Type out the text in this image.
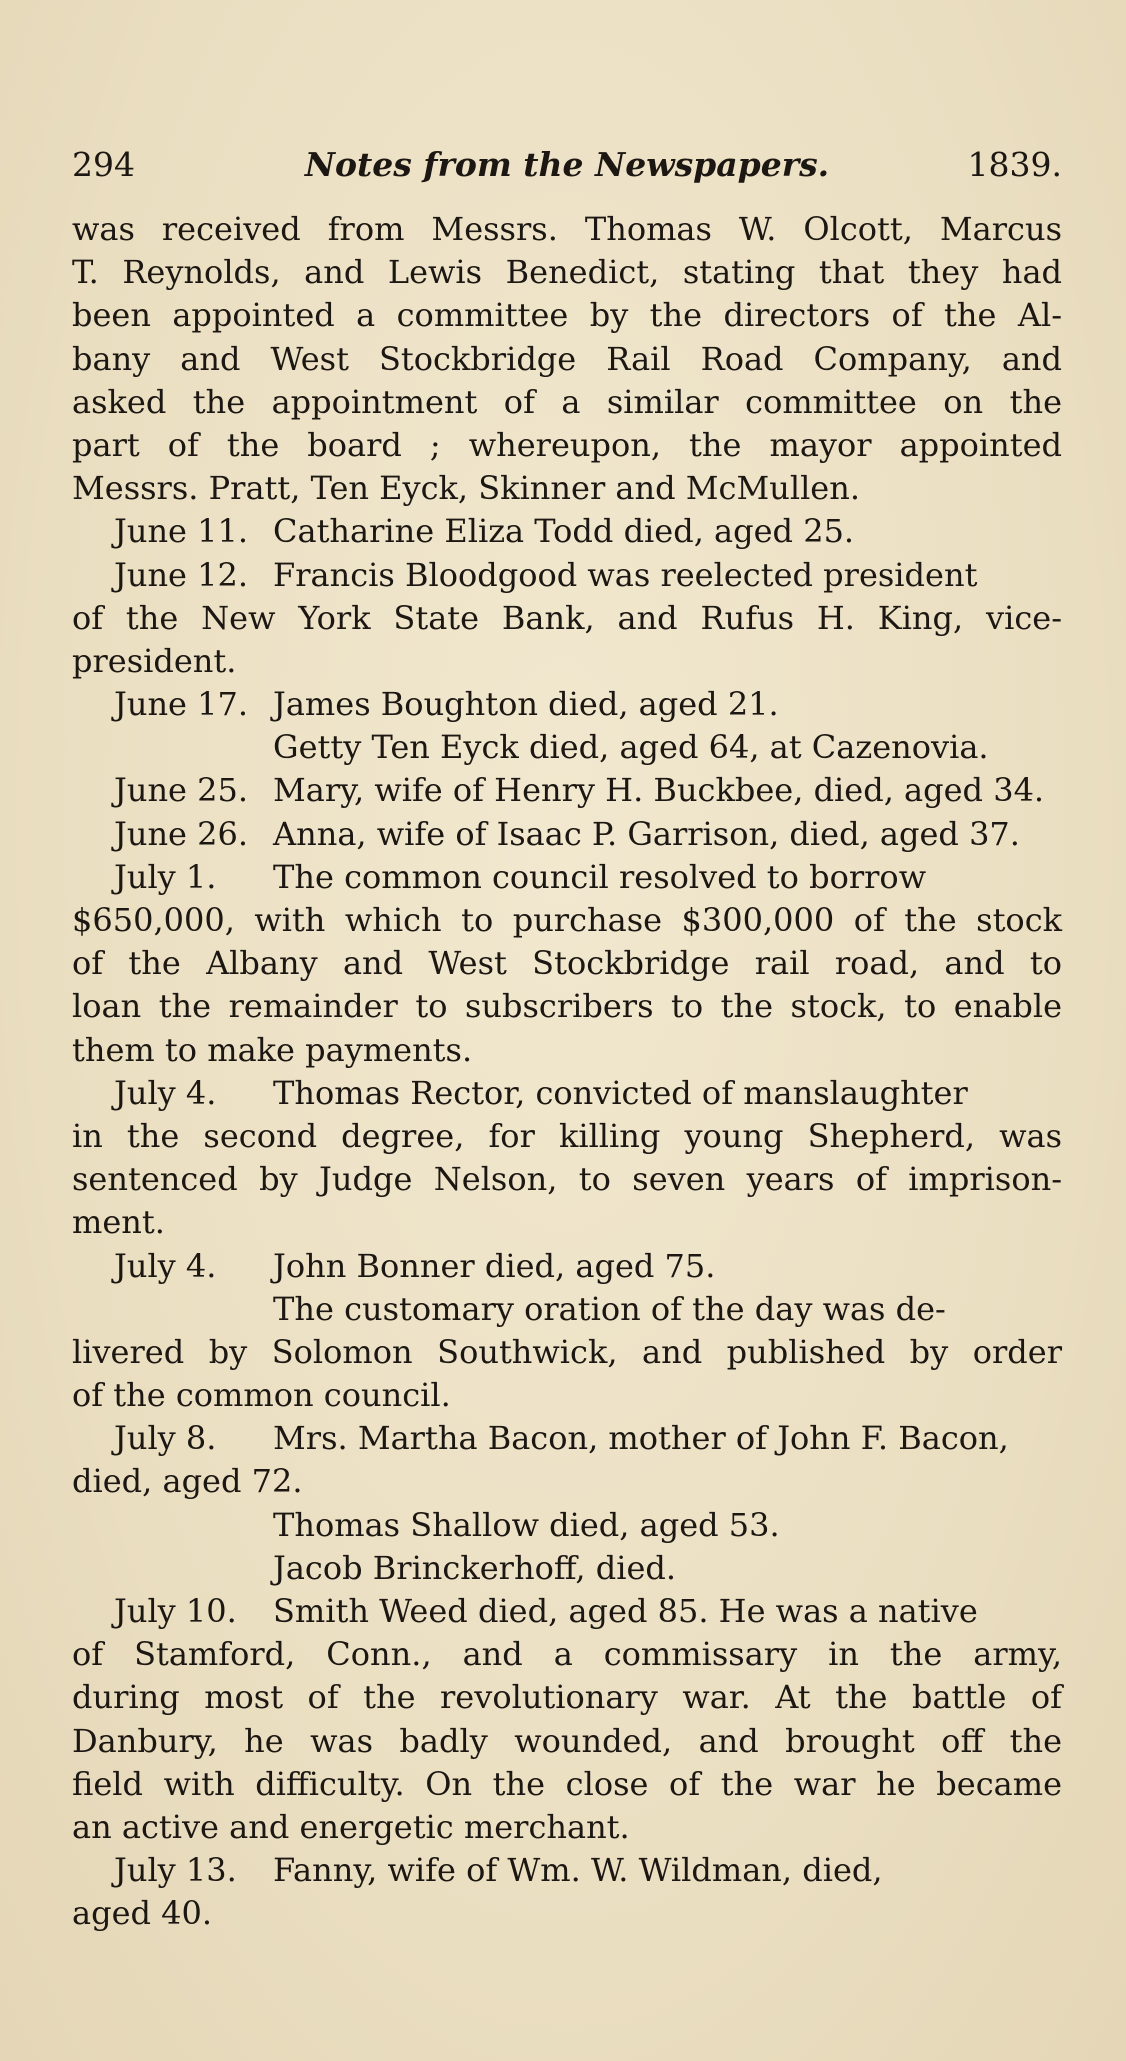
294	Notes from the Newspapers.	1839.
was received from Messrs. Thomas W. Olcott, Marcus
T. Reynolds, and Lewis Benedict, stating that they had
been appointed a committee by the directors of the Al-
bany and West Stockbridge Rail Road Company, and
asked the appointment of a similar committee on the
part of the board ; whereupon, the mayor appointed
Messrs. Pratt, Ten Eyck, Skinner and McMullen.
June 11. Catharine Eliza Todd died, aged 25.
June 12. Francis Bloodgood was reelected president
of the New York State Bank, and Rufus H. King, vice-
president.
June 17. James Boughton died, aged 21.
Getty Ten Eyck died, aged 64, at Cazenovia.
June 25. Mary, wife of Henry H. Buckbee, died, aged 34.
June 26. Anna, wife of Isaac P. Garrison, died, aged 37.
July 1. The common council resolved to borrow
$650,000, with which to purchase $300,000 of the stock
of the Albany and West Stockbridge rail road, and to
loan the remainder to subscribers to the stock, to enable
them to make payments.
July 4. Thomas Rector, convicted of manslaughter
in the second degree, for killing young Shepherd, was
sentenced by Judge Nelson, to seven years of imprison-
ment.
July 4. John Bonner died, aged 75.
The customary oration of the day was de-
livered by Solomon Southwick, and published by order
of the common council.
July 8. Mrs. Martha Bacon, mother of John F. Bacon,
died, aged 72.
Thomas Shallow died, aged 53.
Jacob Brinckerhoff, died.
July 10. Smith Weed died, aged 85. He was a native
of Stamford, Conn., and a commissary in the army,
during most of the revolutionary war. At the battle of
Danbury, he was badly wounded, and brought off the
field with difficulty. On the close of the war he became
an active and energetic merchant.
July 13. Fanny, wife of Wm. W. Wildman, died,
aged 40.
